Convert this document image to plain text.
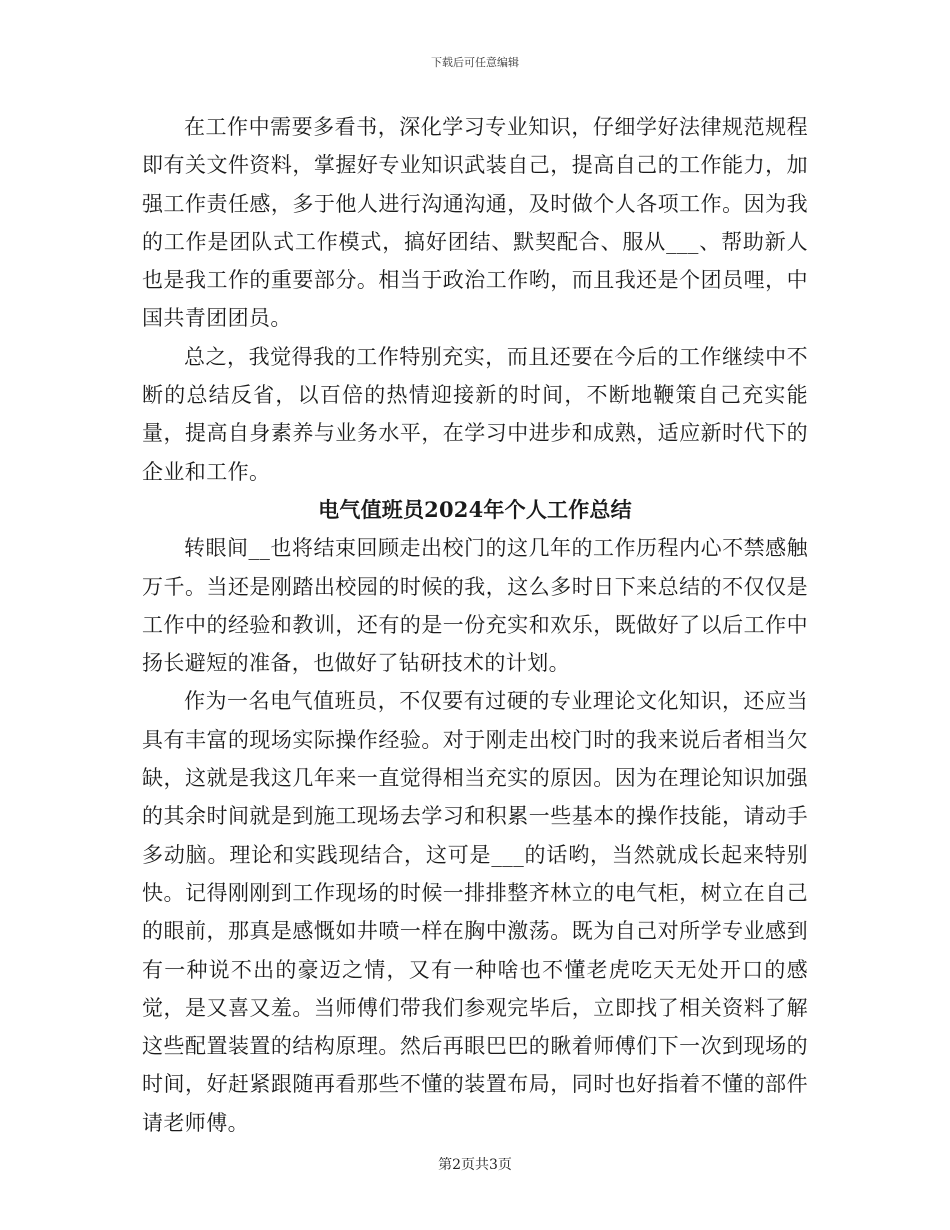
下载后可任意编辑

在工作中需要多看书，深化学习专业知识，仔细学好法律规范规程即有关文件资料，掌握好专业知识武装自己，提高自己的工作能力，加强工作责任感，多于他人进行沟通沟通，及时做个人各项工作。因为我的工作是团队式工作模式，搞好团结、默契配合、服从___、帮助新人也是我工作的重要部分。相当于政治工作哟，而且我还是个团员哩，中国共青团团员。

总之，我觉得我的工作特别充实，而且还要在今后的工作继续中不断的总结反省，以百倍的热情迎接新的时间，不断地鞭策自己充实能量，提高自身素养与业务水平，在学习中进步和成熟，适应新时代下的企业和工作。

电气值班员2024年个人工作总结

转眼间__也将结束回顾走出校门的这几年的工作历程内心不禁感触万千。当还是刚踏出校园的时候的我，这么多时日下来总结的不仅仅是工作中的经验和教训，还有的是一份充实和欢乐，既做好了以后工作中扬长避短的准备，也做好了钻研技术的计划。

作为一名电气值班员，不仅要有过硬的专业理论文化知识，还应当具有丰富的现场实际操作经验。对于刚走出校门时的我来说后者相当欠缺，这就是我这几年来一直觉得相当充实的原因。因为在理论知识加强的其余时间就是到施工现场去学习和积累一些基本的操作技能，请动手多动脑。理论和实践现结合，这可是___的话哟，当然就成长起来特别快。记得刚刚到工作现场的时候一排排整齐林立的电气柜，树立在自己的眼前，那真是感慨如井喷一样在胸中激荡。既为自己对所学专业感到有一种说不出的豪迈之情，又有一种啥也不懂老虎吃天无处开口的感觉，是又喜又羞。当师傅们带我们参观完毕后，立即找了相关资料了解这些配置装置的结构原理。然后再眼巴巴的瞅着师傅们下一次到现场的时间，好赶紧跟随再看那些不懂的装置布局，同时也好指着不懂的部件请老师傅。

第2页共3页
